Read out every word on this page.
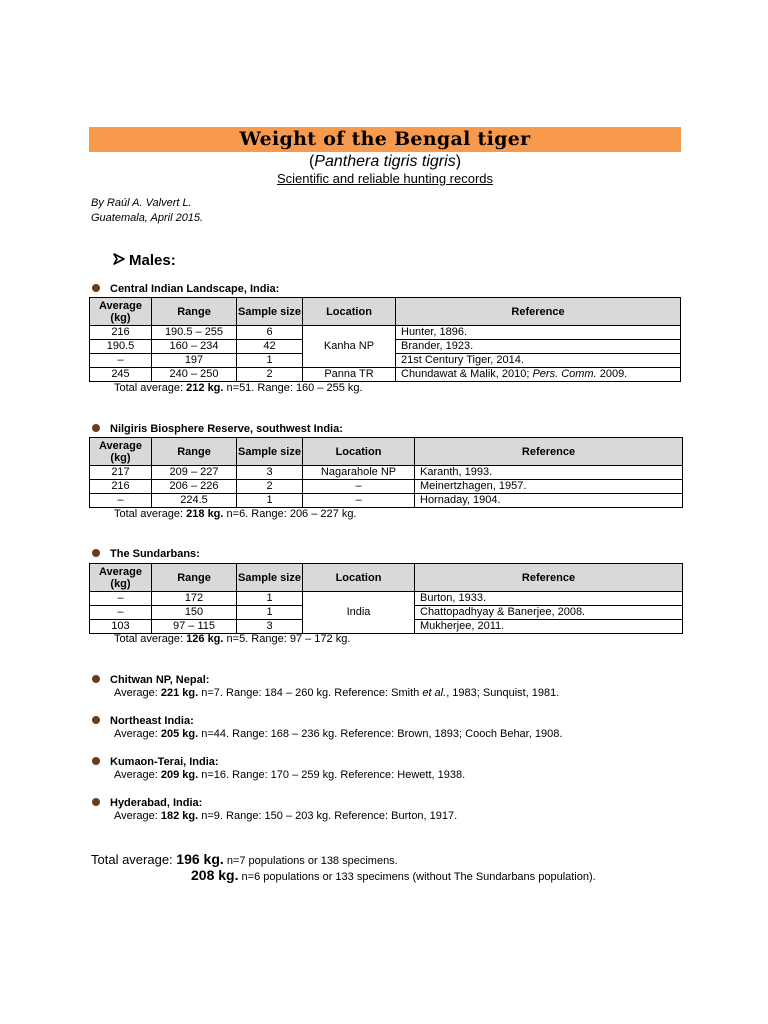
Weight of the Bengal tiger
(Panthera tigris tigris)
Scientific and reliable hunting records
By Raúl A. Valvert L.
Guatemala, April 2015.
Males:
Central Indian Landscape, India:
Average (kg)	Range	Sample size	Location	Reference
216	190.5 – 255	6	Kanha NP	Hunter, 1896.
190.5	160 – 234	42		Brander, 1923.
–	197	1		21st Century Tiger, 2014.
245	240 – 250	2	Panna TR	Chundawat & Malik, 2010; Pers. Comm. 2009.
Total average: 212 kg. n=51. Range: 160 – 255 kg.
Nilgiris Biosphere Reserve, southwest India:
Average (kg)	Range	Sample size	Location	Reference
217	209 – 227	3	Nagarahole NP	Karanth, 1993.
216	206 – 226	2	–	Meinertzhagen, 1957.
–	224.5	1	–	Hornaday, 1904.
Total average: 218 kg. n=6. Range: 206 – 227 kg.
The Sundarbans:
Average (kg)	Range	Sample size	Location	Reference
–	172	1	India	Burton, 1933.
–	150	1		Chattopadhyay & Banerjee, 2008.
103	97 – 115	3		Mukherjee, 2011.
Total average: 126 kg. n=5. Range: 97 – 172 kg.
Chitwan NP, Nepal:
Average: 221 kg. n=7. Range: 184 – 260 kg. Reference: Smith et al., 1983; Sunquist, 1981.
Northeast India:
Average: 205 kg. n=44. Range: 168 – 236 kg. Reference: Brown, 1893; Cooch Behar, 1908.
Kumaon-Terai, India:
Average: 209 kg. n=16. Range: 170 – 259 kg. Reference: Hewett, 1938.
Hyderabad, India:
Average: 182 kg. n=9. Range: 150 – 203 kg. Reference: Burton, 1917.
Total average: 196 kg. n=7 populations or 138 specimens.
208 kg. n=6 populations or 133 specimens (without The Sundarbans population).
